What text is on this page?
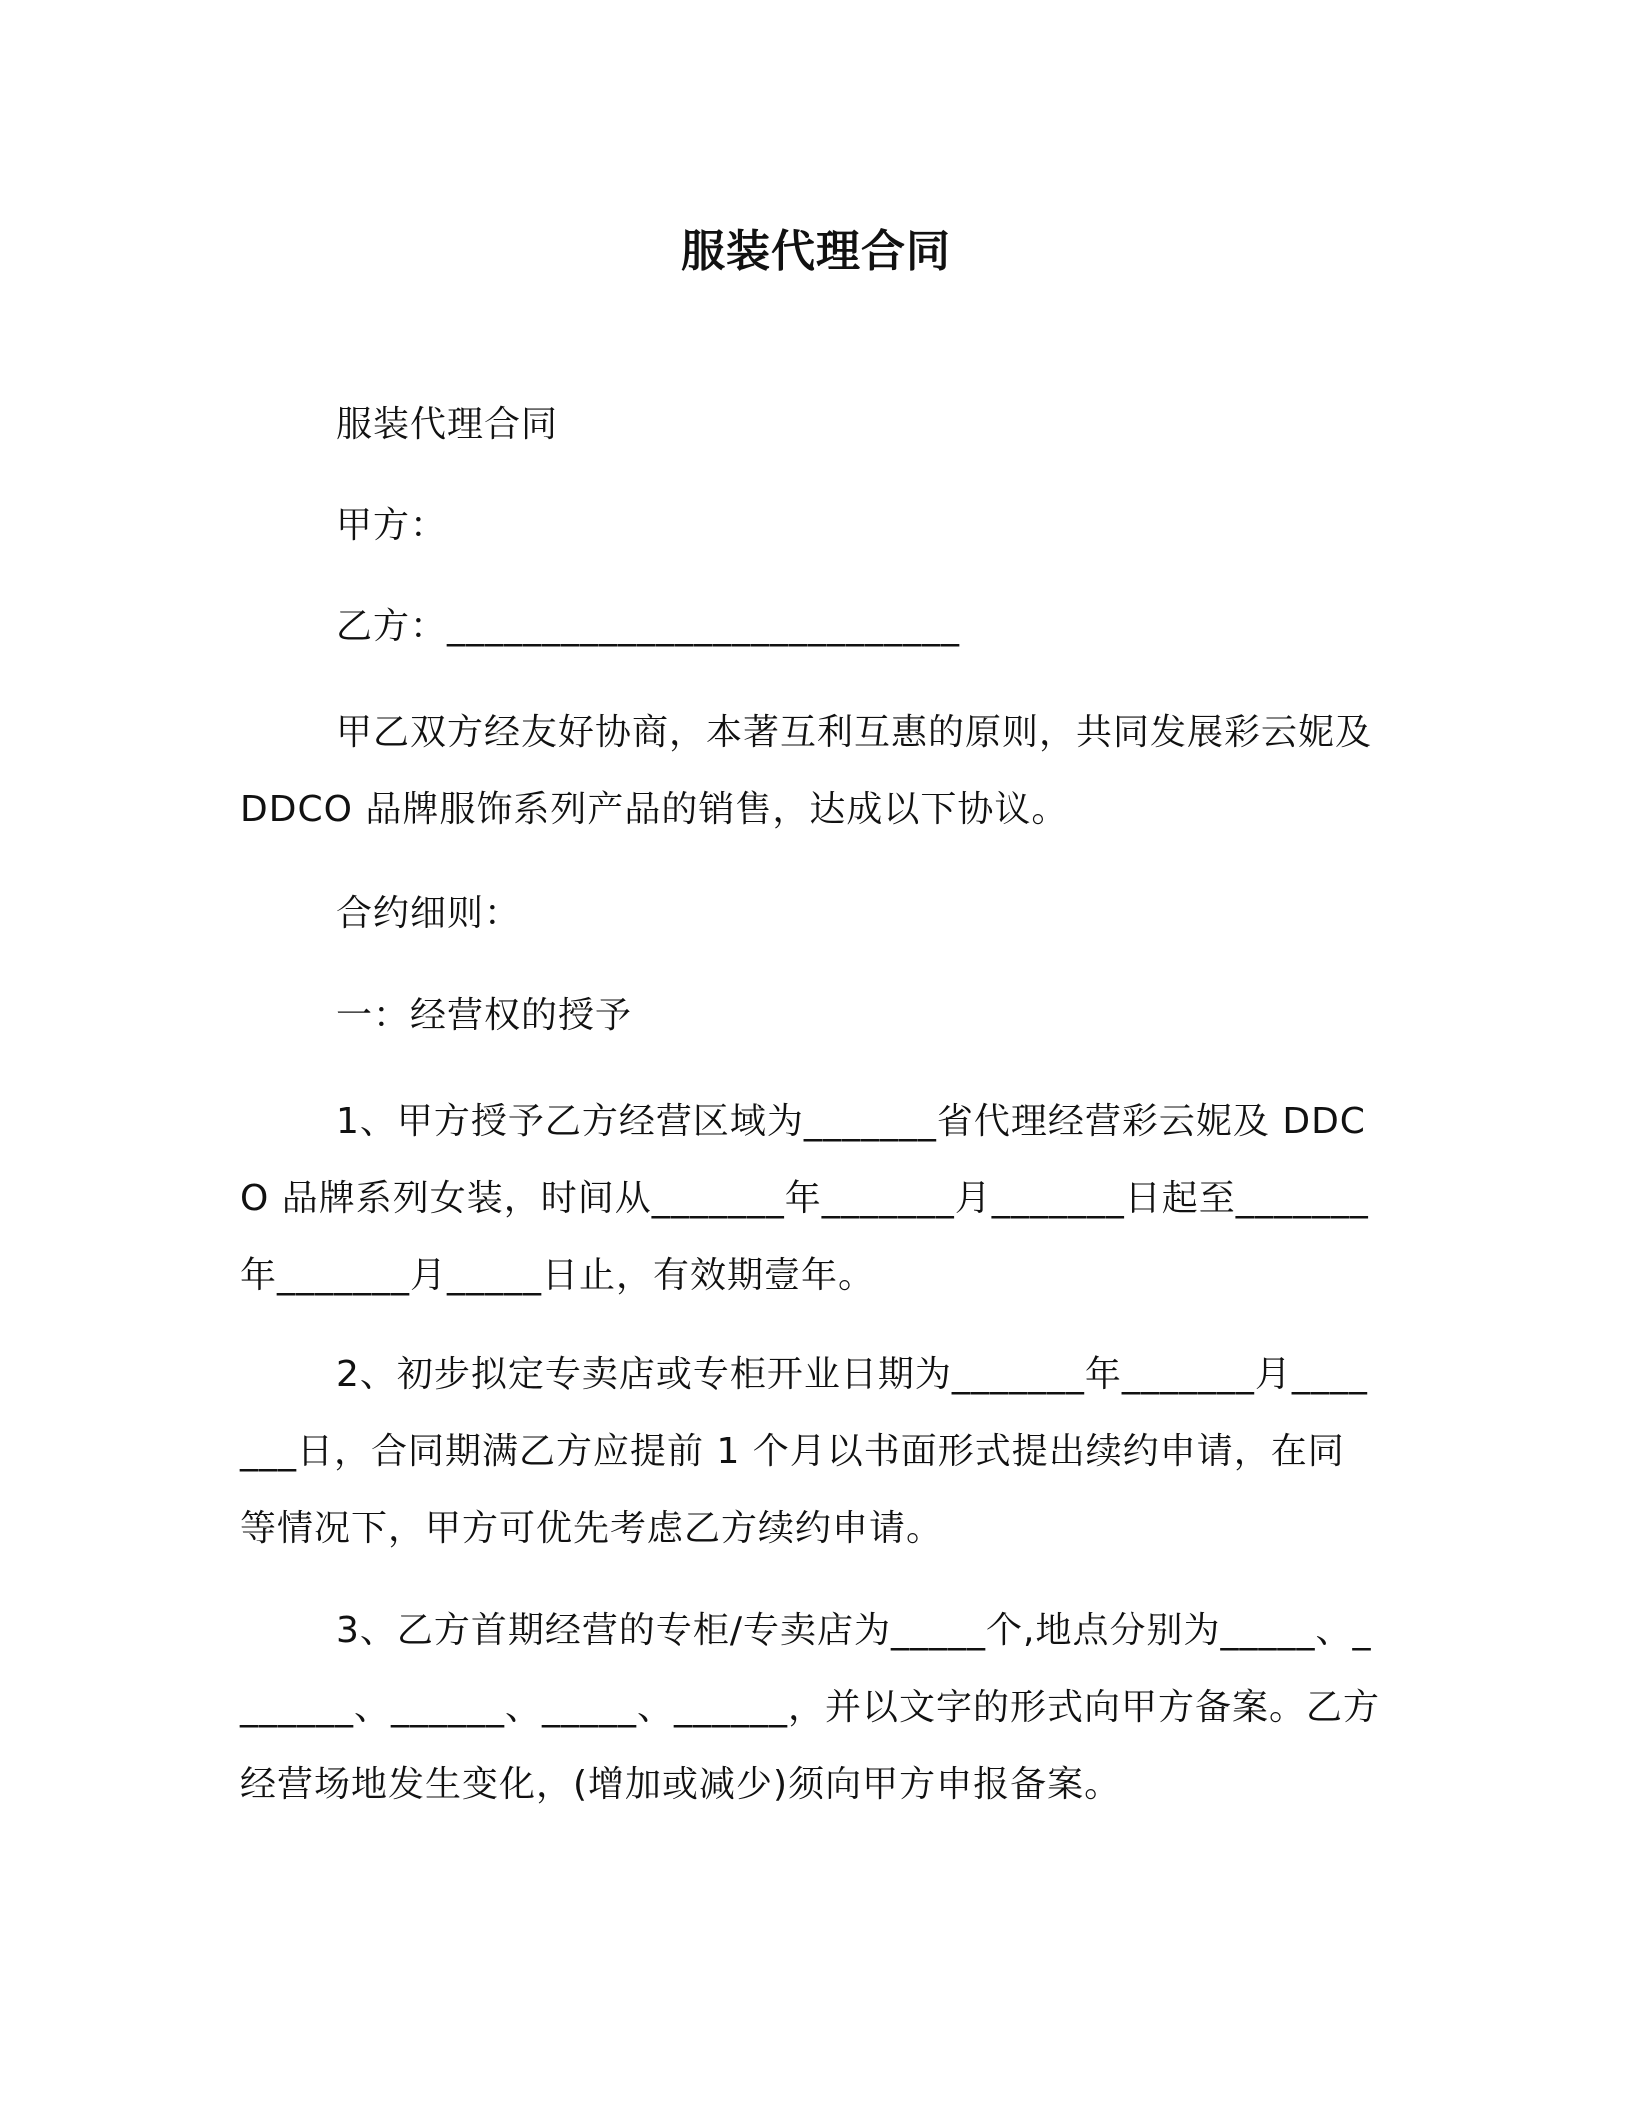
服装代理合同
服装代理合同
甲方：
乙方：___________________________
甲乙双方经友好协商，本著互利互惠的原则，共同发展彩云妮及 DDCO 品牌服饰系列产品的销售，达成以下协议。
合约细则：
一：经营权的授予
1、甲方授予乙方经营区域为_______省代理经营彩云妮及 DDCO 品牌系列女装，时间从_______年_______月_______日起至_______年_______月_____日止，有效期壹年。
2、初步拟定专卖店或专柜开业日期为_______年_______月_______日，合同期满乙方应提前 1 个月以书面形式提出续约申请，在同等情况下，甲方可优先考虑乙方续约申请。
3、乙方首期经营的专柜/专卖店为_____个,地点分别为_____、_______、______、_____、______，并以文字的形式向甲方备案。乙方经营场地发生变化，(增加或减少)须向甲方申报备案。
